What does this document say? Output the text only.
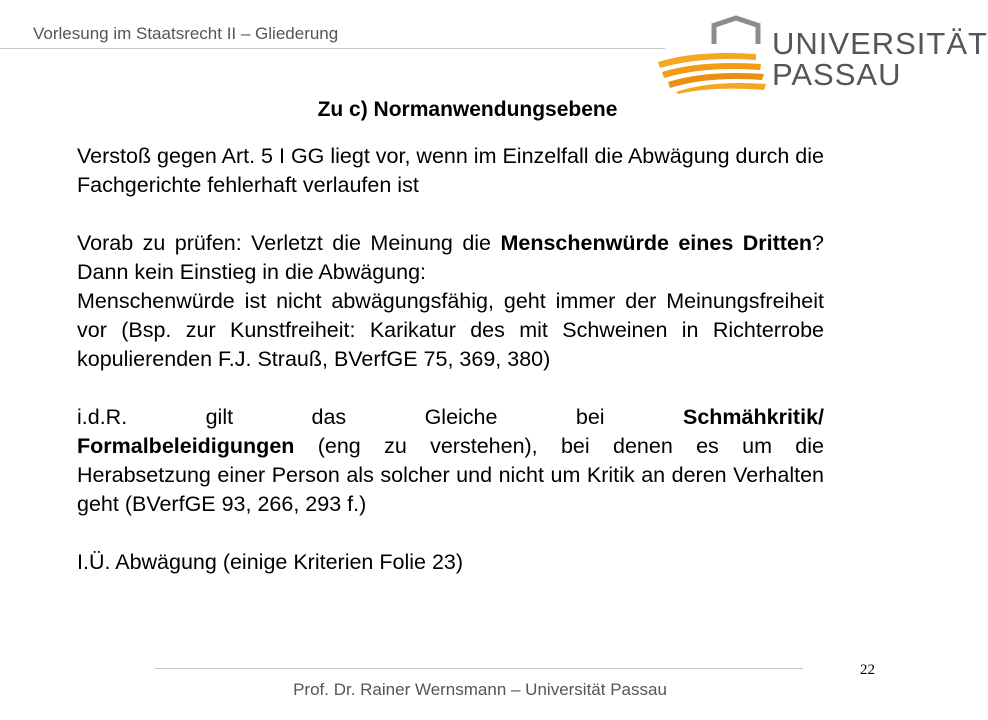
Vorlesung im Staatsrecht II – Gliederung	UNIVERSITÄT
PASSAU
Zu c) Normanwendungsebene

Verstoß gegen Art. 5 I GG liegt vor, wenn im Einzelfall die Abwägung durch die Fachgerichte fehlerhaft verlaufen ist

Vorab zu prüfen: Verletzt die Meinung die Menschenwürde eines Dritten? Dann kein Einstieg in die Abwägung:

Menschenwürde ist nicht abwägungsfähig, geht immer der Meinungsfreiheit vor (Bsp. zur Kunstfreiheit: Karikatur des mit Schweinen in Richterrobe kopulierenden F.J. Strauß, BVerfGE 75, 369, 380)

i.d.R. gilt das Gleiche bei Schmähkritik/
Formalbeleidigungen (eng zu verstehen), bei denen es um die Herabsetzung einer Person als solcher und nicht um Kritik an deren Verhalten geht (BVerfGE 93, 266, 293 f.)

I.Ü. Abwägung (einige Kriterien Folie 23)

Prof. Dr. Rainer Wernsmann – Universität Passau
22
